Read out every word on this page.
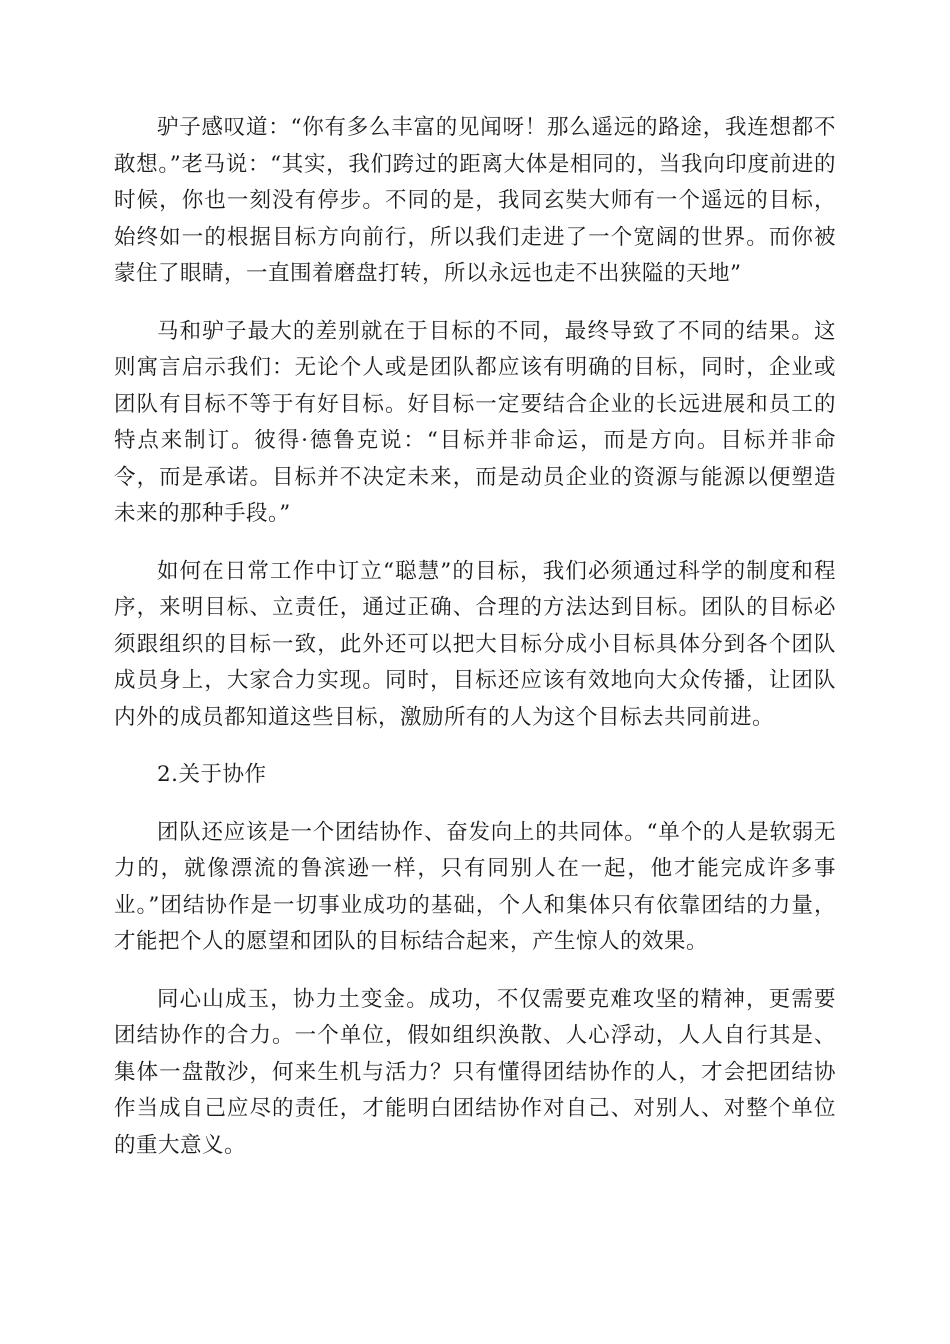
驴子感叹道：“你有多么丰富的见闻呀！那么遥远的路途，我连想都不敢想。”老马说：“其实，我们跨过的距离大体是相同的，当我向印度前进的时候，你也一刻没有停步。不同的是，我同玄奘大师有一个遥远的目标，始终如一的根据目标方向前行，所以我们走进了一个宽阔的世界。而你被蒙住了眼睛，一直围着磨盘打转，所以永远也走不出狭隘的天地”

马和驴子最大的差别就在于目标的不同，最终导致了不同的结果。这则寓言启示我们：无论个人或是团队都应该有明确的目标，同时，企业或团队有目标不等于有好目标。好目标一定要结合企业的长远进展和员工的特点来制订。彼得·德鲁克说：“目标并非命运，而是方向。目标并非命令，而是承诺。目标并不决定未来，而是动员企业的资源与能源以便塑造未来的那种手段。”

如何在日常工作中订立“聪慧”的目标，我们必须通过科学的制度和程序，来明目标、立责任，通过正确、合理的方法达到目标。团队的目标必须跟组织的目标一致，此外还可以把大目标分成小目标具体分到各个团队成员身上，大家合力实现。同时，目标还应该有效地向大众传播，让团队内外的成员都知道这些目标，激励所有的人为这个目标去共同前进。

2.关于协作

团队还应该是一个团结协作、奋发向上的共同体。“单个的人是软弱无力的，就像漂流的鲁滨逊一样，只有同别人在一起，他才能完成许多事业。”团结协作是一切事业成功的基础，个人和集体只有依靠团结的力量，才能把个人的愿望和团队的目标结合起来，产生惊人的效果。

同心山成玉，协力土变金。成功，不仅需要克难攻坚的精神，更需要团结协作的合力。一个单位，假如组织涣散、人心浮动，人人自行其是、集体一盘散沙，何来生机与活力？只有懂得团结协作的人，才会把团结协作当成自己应尽的责任，才能明白团结协作对自己、对别人、对整个单位的重大意义。
